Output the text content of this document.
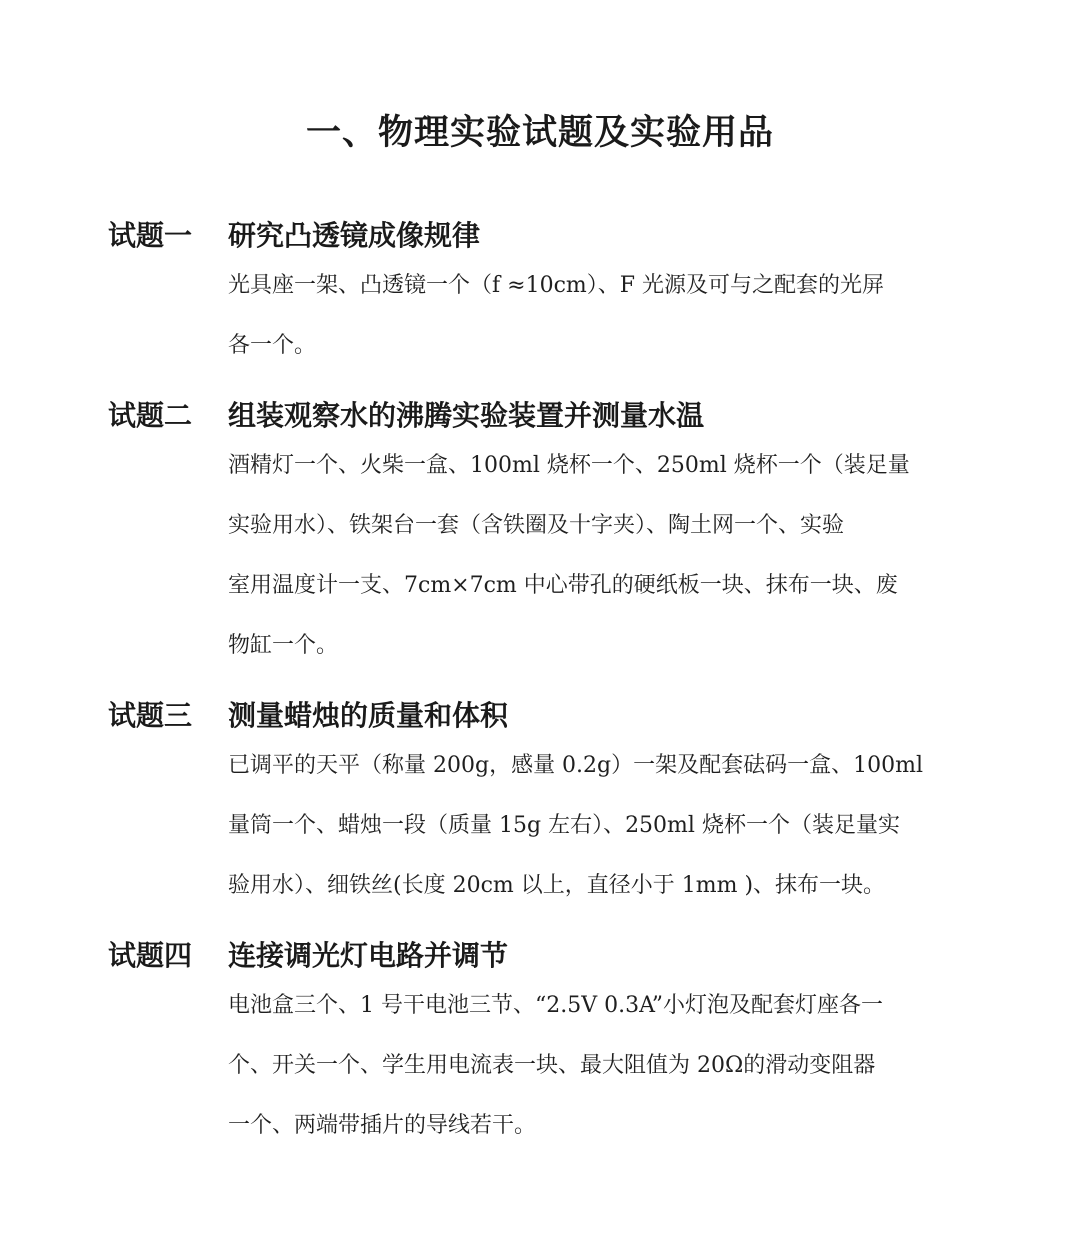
一、物理实验试题及实验用品
试题一	研究凸透镜成像规律

光具座一架、凸透镜一个（f ≈10cm）、F 光源及可与之配套的光屏
各一个。

试题二	组装观察水的沸腾实验装置并测量水温

酒精灯一个、火柴一盒、100ml 烧杯一个、250ml 烧杯一个（装足量
实验用水）、铁架台一套（含铁圈及十字夹）、陶土网一个、实验
室用温度计一支、7cm×7cm 中心带孔的硬纸板一块、抹布一块、废
物缸一个。

试题三	测量蜡烛的质量和体积

已调平的天平（称量 200g，感量 0.2g）一架及配套砝码一盒、100ml
量筒一个、蜡烛一段（质量 15g 左右）、250ml 烧杯一个（装足量实
验用水）、细铁丝(长度 20cm 以上，直径小于 1mm )、抹布一块。

试题四	连接调光灯电路并调节

电池盒三个、1 号干电池三节、“2.5V 0.3A”小灯泡及配套灯座各一
个、开关一个、学生用电流表一块、最大阻值为 20Ω的滑动变阻器
一个、两端带插片的导线若干。
